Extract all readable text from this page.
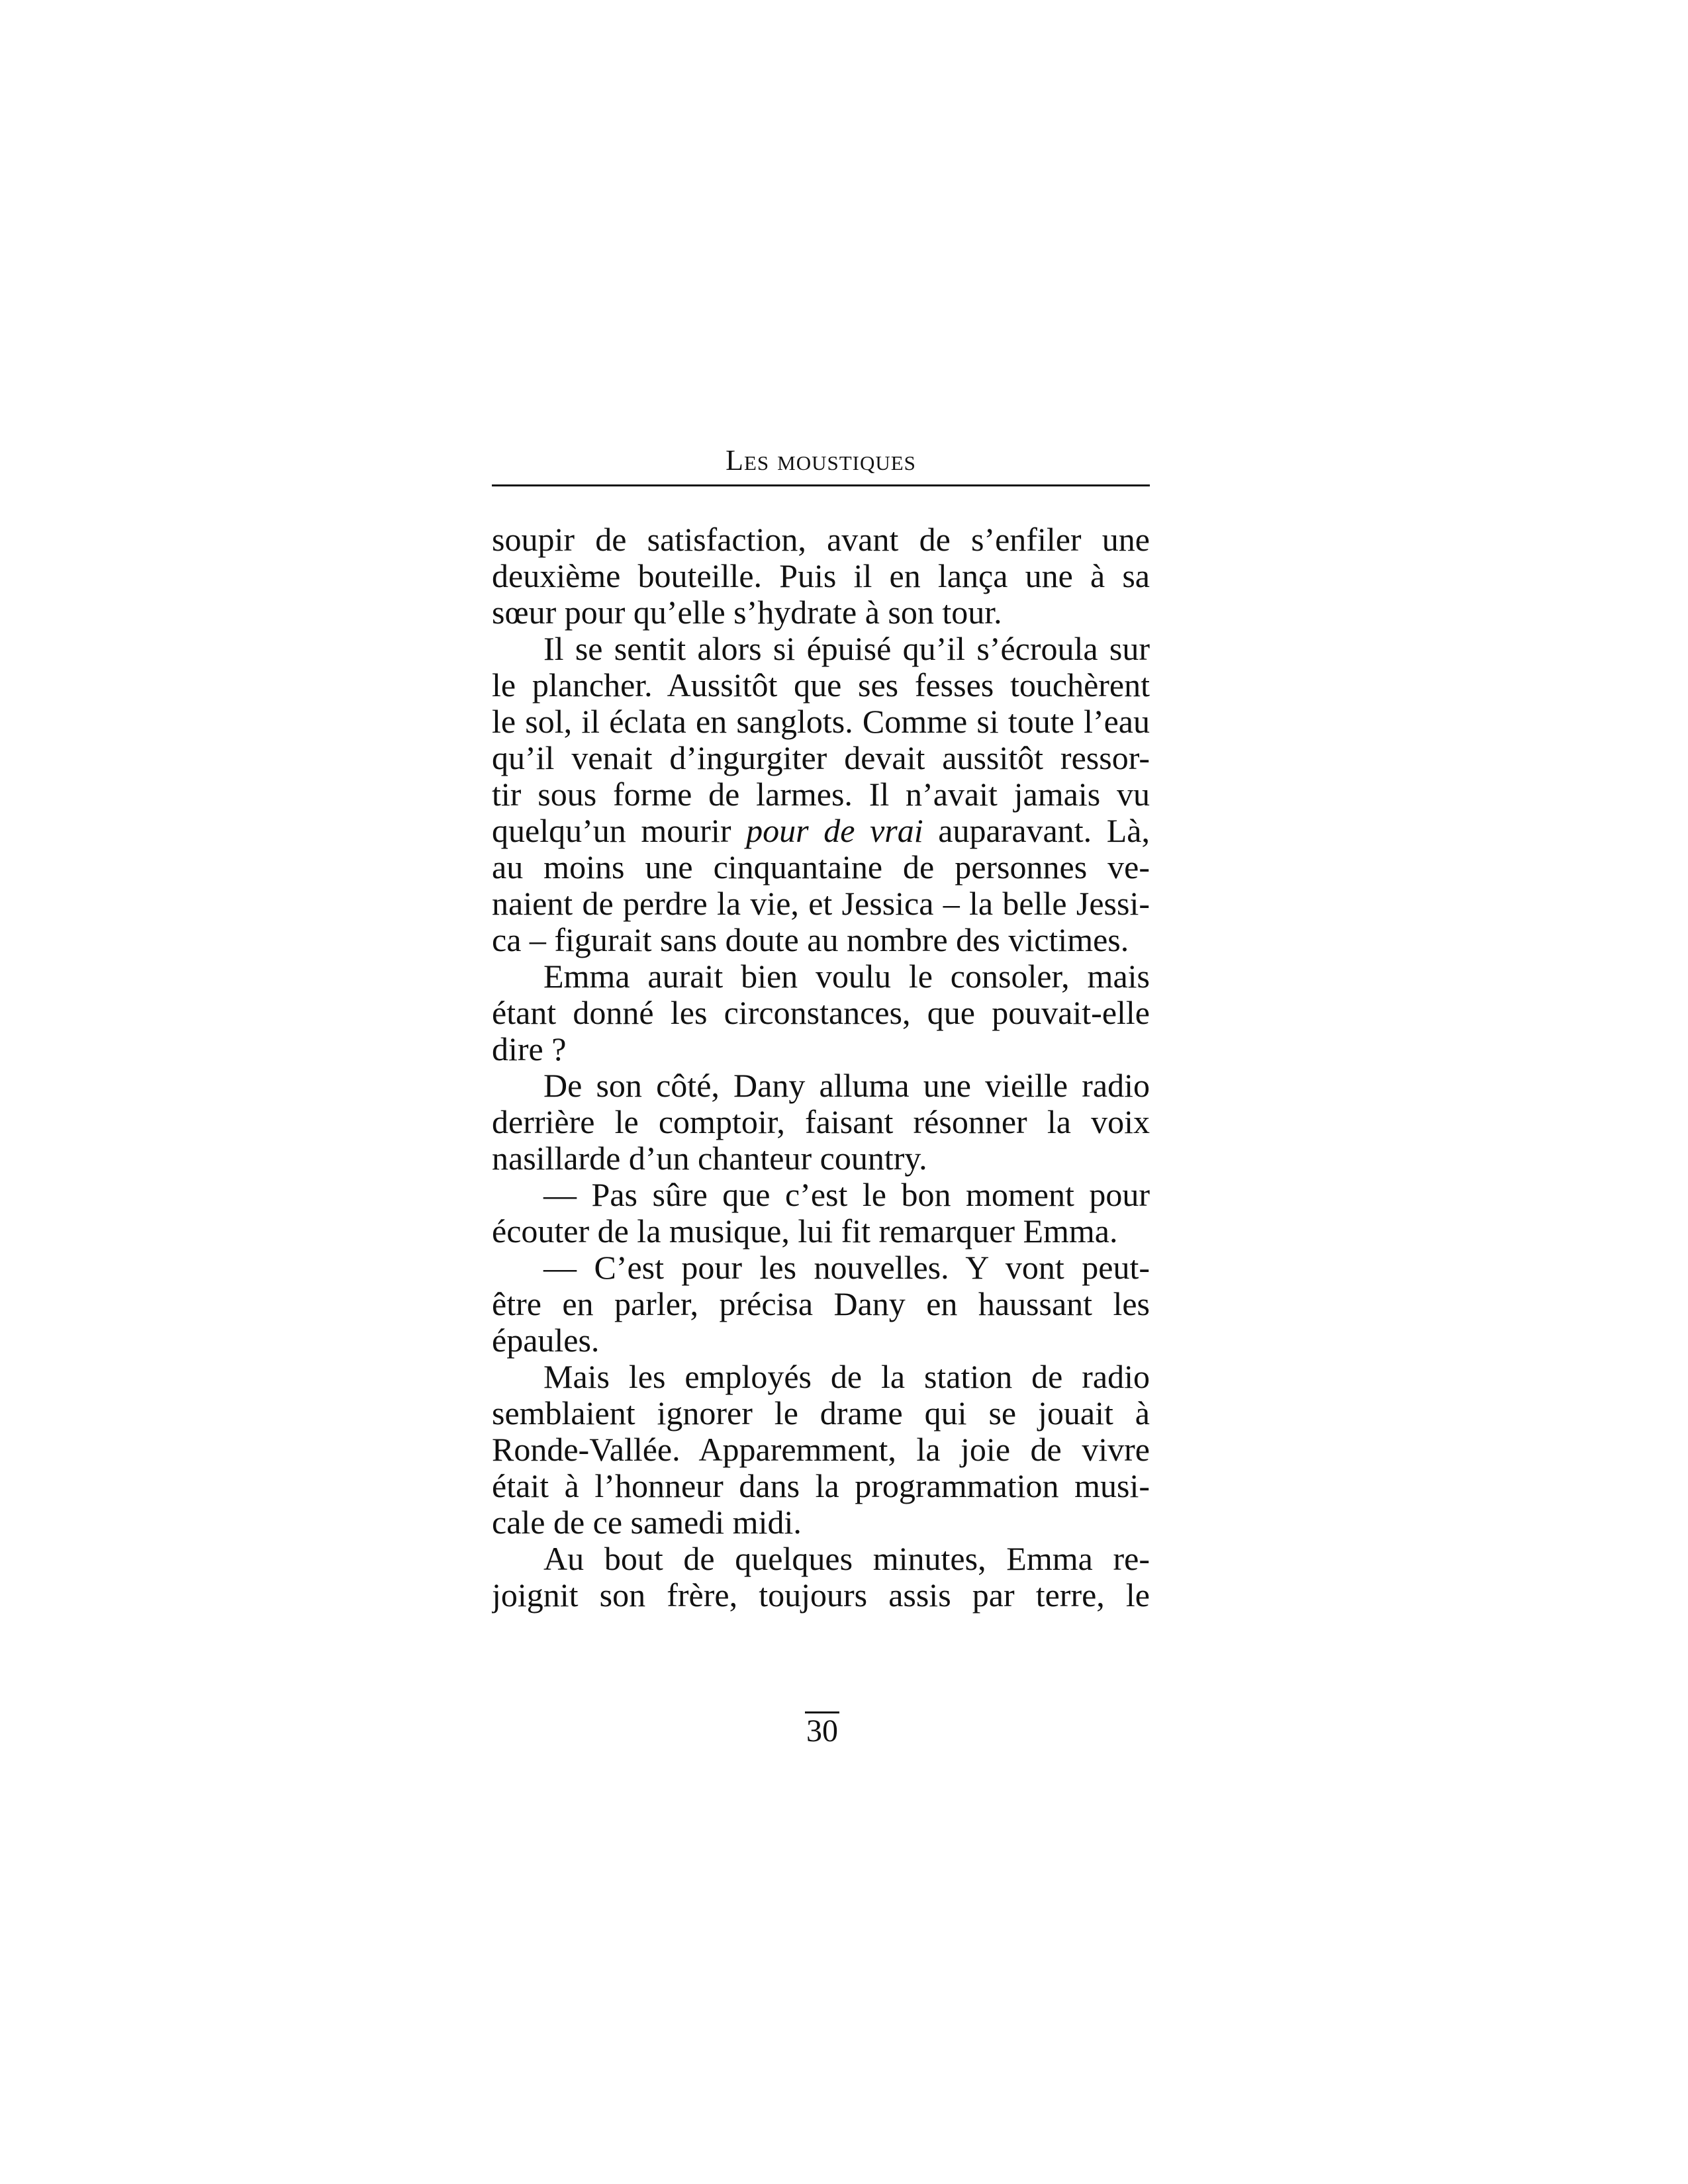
Les moustiques
soupir de satisfaction, avant de s’enfiler une
deuxième bouteille. Puis il en lança une à sa
sœur pour qu’elle s’hydrate à son tour.
Il se sentit alors si épuisé qu’il s’écroula sur
le plancher. Aussitôt que ses fesses touchèrent
le sol, il éclata en sanglots. Comme si toute l’eau
qu’il venait d’ingurgiter devait aussitôt ressor-
tir sous forme de larmes. Il n’avait jamais vu
quelqu’un mourir pour de vrai auparavant. Là,
au moins une cinquantaine de personnes ve-
naient de perdre la vie, et Jessica – la belle Jessi-
ca – figurait sans doute au nombre des victimes.
Emma aurait bien voulu le consoler, mais
étant donné les circonstances, que pouvait-elle
dire ?
De son côté, Dany alluma une vieille radio
derrière le comptoir, faisant résonner la voix
nasillarde d’un chanteur country.
— Pas sûre que c’est le bon moment pour
écouter de la musique, lui fit remarquer Emma.
— C’est pour les nouvelles. Y vont peut-
être en parler, précisa Dany en haussant les
épaules.
Mais les employés de la station de radio
semblaient ignorer le drame qui se jouait à
Ronde-Vallée. Apparemment, la joie de vivre
était à l’honneur dans la programmation musi-
cale de ce samedi midi.
Au bout de quelques minutes, Emma re-
joignit son frère, toujours assis par terre, le
30
